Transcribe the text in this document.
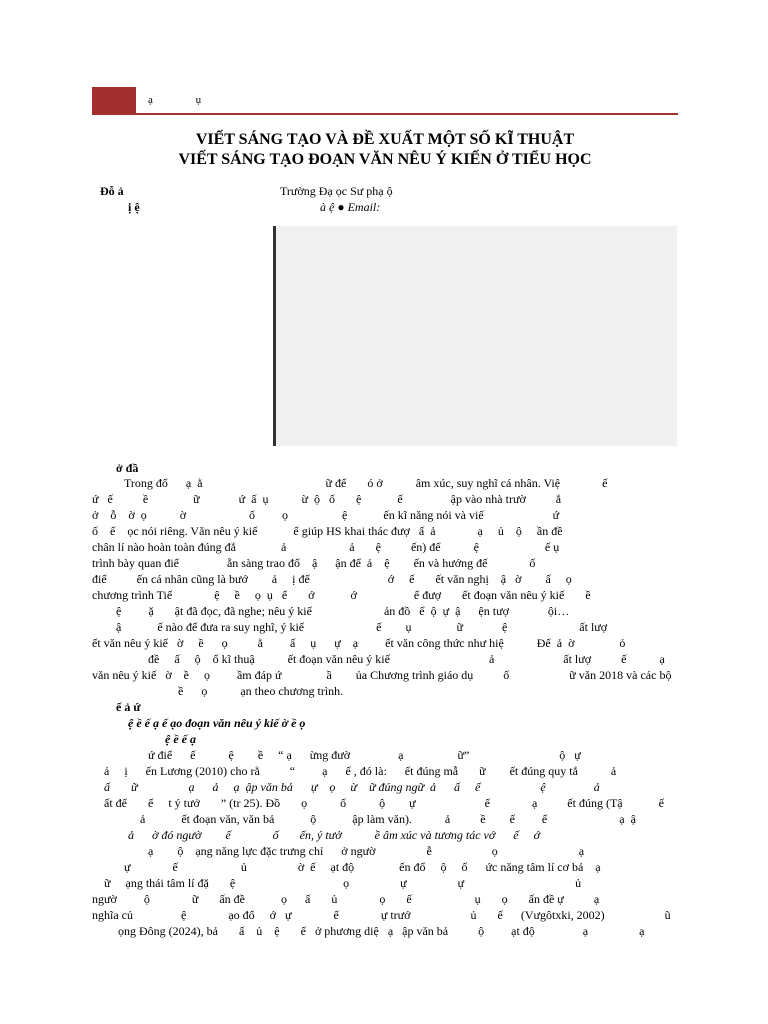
ạ	ụ
VIẾT SÁNG TẠO VÀ ĐỀ XUẤT MỘT SỐ KĨ THUẬT
VIẾT SÁNG TẠO ĐOẠN VĂN NÊU Ý KIẾN Ở TIỂU HỌC
Đỗ ả	Trường Đạ ọc Sư phạ ộ
ị ệ	à ệ ● Email:
ở đầ
Trong đổ      ạ  ằ                                         ữ để       ó ở           âm xúc, suy nghĩ cá nhân. Việ              ế
ứ   ế          ề               ữ             ứ  ấ  ụ           ừ  ộ   ố       ệ            ế                ập vào nhà trườ          ắ
ở    ỗ    ờ  ọ           ờ                     ố         ọ                  ệ            ến kĩ năng nói và viế                       ứ
ố    ế    ọc nói riêng. Văn nêu ý kiế            ể giúp HS khai thác đượ   ấ  ả              ạ     ủ    ộ     ần đề
chân lí nào hoàn toàn đúng đắ               ả                     ả       ệ          ến) để           ệ                      ế ụ
trình bày quan điể                ẵn sàng trao đổ    ậ      ận để  ả    ệ        ến và hướng đế              ố
điể          ến cá nhân cũng là bướ        ả     ị để                          ớ     ế       ết văn nghị    ậ   ờ        ấ     ọ
chương trình Tiế              ệ     ề     ọ  ụ   ể       ớ            ớ                   ể đượ       ết đoạn văn nêu ý kiế       ề
ệ         ặ       ật đã đọc, đã nghe; nêu ý kiế                        ản đồ   ể  ộ  ự  ậ      ện tượ             ội…
ậ            ế nào để đưa ra suy nghĩ, ý kiế                        ế        ụ               ữ             ệ                        ất lượ
ết văn nêu ý kiế   ờ     ề      ọ          ằ         ấ     ụ      ự    ạ         ết văn công thức như hiệ           Để  ả  ờ               ỏ
đề     ấ     ộ    ố kĩ thuậ           ết đoạn văn nêu ý kiế                                 ả                       ất lượ          ế           ạ
văn nêu ý kiế   ờ    ề     ọ         ầm đáp ứ               ầ        ủa Chương trình giáo dụ          ổ                    ữ văn 2018 và các bộ
ề      ọ           ạn theo chương trình.
ế ả ứ
ệ ề ế ạ ế ạo đoạn văn nêu ý kiế ờ ề ọ
ệ ề ế ạ
ứ điể      ế           ệ        ề     “ ạ      ừng đườ                ạ                  ữ”                              ộ   ự
ả     ị      ến Lương (2010) cho rằ          “         ạ      ế , đó là:      ết đúng mẫ       ữ        ết đúng quy tắ           ả
ấ       ữ                 ạ      ả     ạ  ập văn bả      ự    ọ     ừ    ữ đúng ngữ  ả      ấ     ế                    ệ                ả
ất để       ế     t ý tưở       ” (tr 25). Đồ       ọ           ố           ộ        ự                       ế              ạ          ết đúng (Tậ            ế
ả            ết đoạn văn, văn bả            ộ            ập làm văn).           ả          ề        ế         ế                        ạ  ậ
ả      ờ đó ngườ        ế              ố       ến, ý tưở           ề âm xúc và tương tác vớ      ế     ớ
ạ        ộ    ạng năng lực đặc trưng chỉ      ở ngườ                 ễ                    ọ                           ạ
ự              ế                     ủ                 ờ  ế     ạt độ               ến đổ     ộ     ố      ức năng tâm lí cơ bả    ạ
ữ     ạng thái tâm lí đặ       ệ                                    ọ                 ự                 ự                                     ủ
ngườ         ộ              ữ       ấn đề            ọ      ấ       ủ              ọ       ế                     ụ       ọ       ấn đề ự          ạ
nghĩa củ                ệ              ạo đổ     ớ   ự              ể              ự trướ                    ủ       ế      (Vưgôtxki, 2002)                    ũ
ọng Đông (2024), bả       ấ    ủ    ệ       ế   ở phương diệ   ạ   ập văn bả          ộ         ạt độ                ạ                 ạ
